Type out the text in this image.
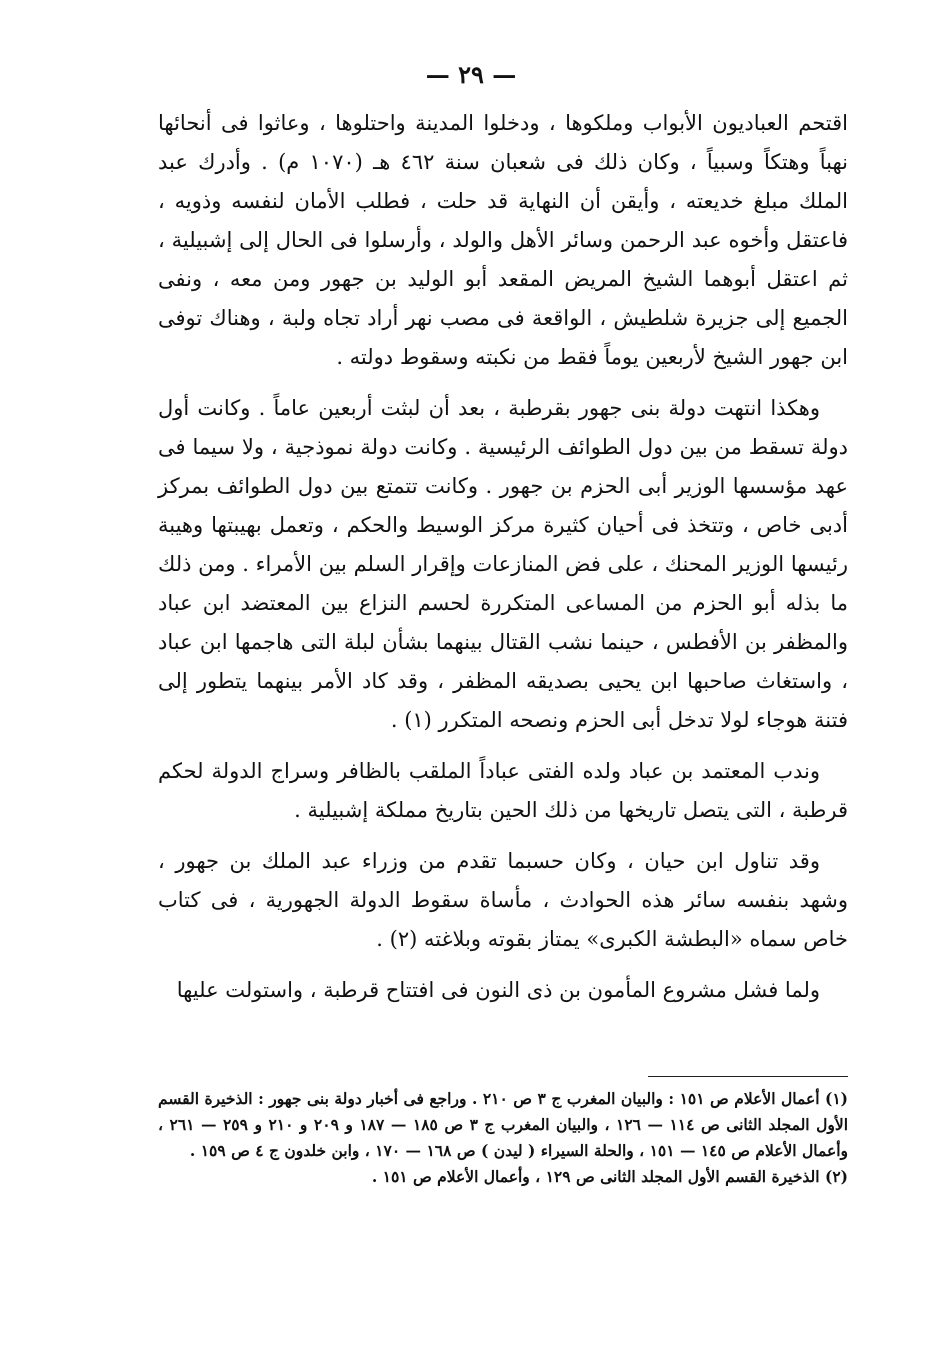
— ٢٩ —

اقتحم العباديون الأبواب وملكوها ، ودخلوا المدينة واحتلوها ، وعاثوا فى أنحائها نهباً وهتكاً وسبياً ، وكان ذلك فى شعبان سنة ٤٦٢ هـ (١٠٧٠ م) . وأدرك عبد الملك مبلغ خديعته ، وأيقن أن النهاية قد حلت ، فطلب الأمان لنفسه وذويه ، فاعتقل وأخوه عبد الرحمن وسائر الأهل والولد ، وأرسلوا فى الحال إلى إشبيلية ، ثم اعتقل أبوهما الشيخ المريض المقعد أبو الوليد بن جهور ومن معه ، ونفى الجميع إلى جزيرة شلطيش ، الواقعة فى مصب نهر أراد تجاه ولبة ، وهناك توفى ابن جهور الشيخ لأربعين يوماً فقط من نكبته وسقوط دولته .

وهكذا انتهت دولة بنى جهور بقرطبة ، بعد أن لبثت أربعين عاماً . وكانت أول دولة تسقط من بين دول الطوائف الرئيسية . وكانت دولة نموذجية ، ولا سيما فى عهد مؤسسها الوزير أبى الحزم بن جهور . وكانت تتمتع بين دول الطوائف بمركز أدبى خاص ، وتتخذ فى أحيان كثيرة مركز الوسيط والحكم ، وتعمل بهيبتها وهيبة رئيسها الوزير المحنك ، على فض المنازعات وإقرار السلم بين الأمراء . ومن ذلك ما بذله أبو الحزم من المساعى المتكررة لحسم النزاع بين المعتضد ابن عباد والمظفر بن الأفطس ، حينما نشب القتال بينهما بشأن لبلة التى هاجمها ابن عباد ، واستغاث صاحبها ابن يحيى بصديقه المظفر ، وقد كاد الأمر بينهما يتطور إلى فتنة هوجاء لولا تدخل أبى الحزم ونصحه المتكرر (١) .

وندب المعتمد بن عباد ولده الفتى عباداً الملقب بالظافر وسراج الدولة لحكم قرطبة ، التى يتصل تاريخها من ذلك الحين بتاريخ مملكة إشبيلية .

وقد تناول ابن حيان ، وكان حسبما تقدم من وزراء عبد الملك بن جهور ، وشهد بنفسه سائر هذه الحوادث ، مأساة سقوط الدولة الجهورية ، فى كتاب خاص سماه «البطشة الكبرى» يمتاز بقوته وبلاغته (٢) .

ولما فشل مشروع المأمون بن ذى النون فى افتتاح قرطبة ، واستولت عليها

(١) أعمال الأعلام ص ١٥١ : والبيان المغرب ج ٣ ص ٢١٠ . وراجع فى أخبار دولة بنى جهور : الذخيرة القسم الأول المجلد الثانى ص ١١٤ — ١٢٦ ، والبيان المغرب ج ٣ ص ١٨٥ — ١٨٧ و ٢٠٩ و ٢١٠ و ٢٥٩ — ٢٦١ ، وأعمال الأعلام ص ١٤٥ — ١٥١ ، والحلة السيراء ( ليدن ) ص ١٦٨ — ١٧٠ ، وابن خلدون ج ٤ ص ١٥٩ .

(٢) الذخيرة القسم الأول المجلد الثانى ص ١٢٩ ، وأعمال الأعلام ص ١٥١ .
